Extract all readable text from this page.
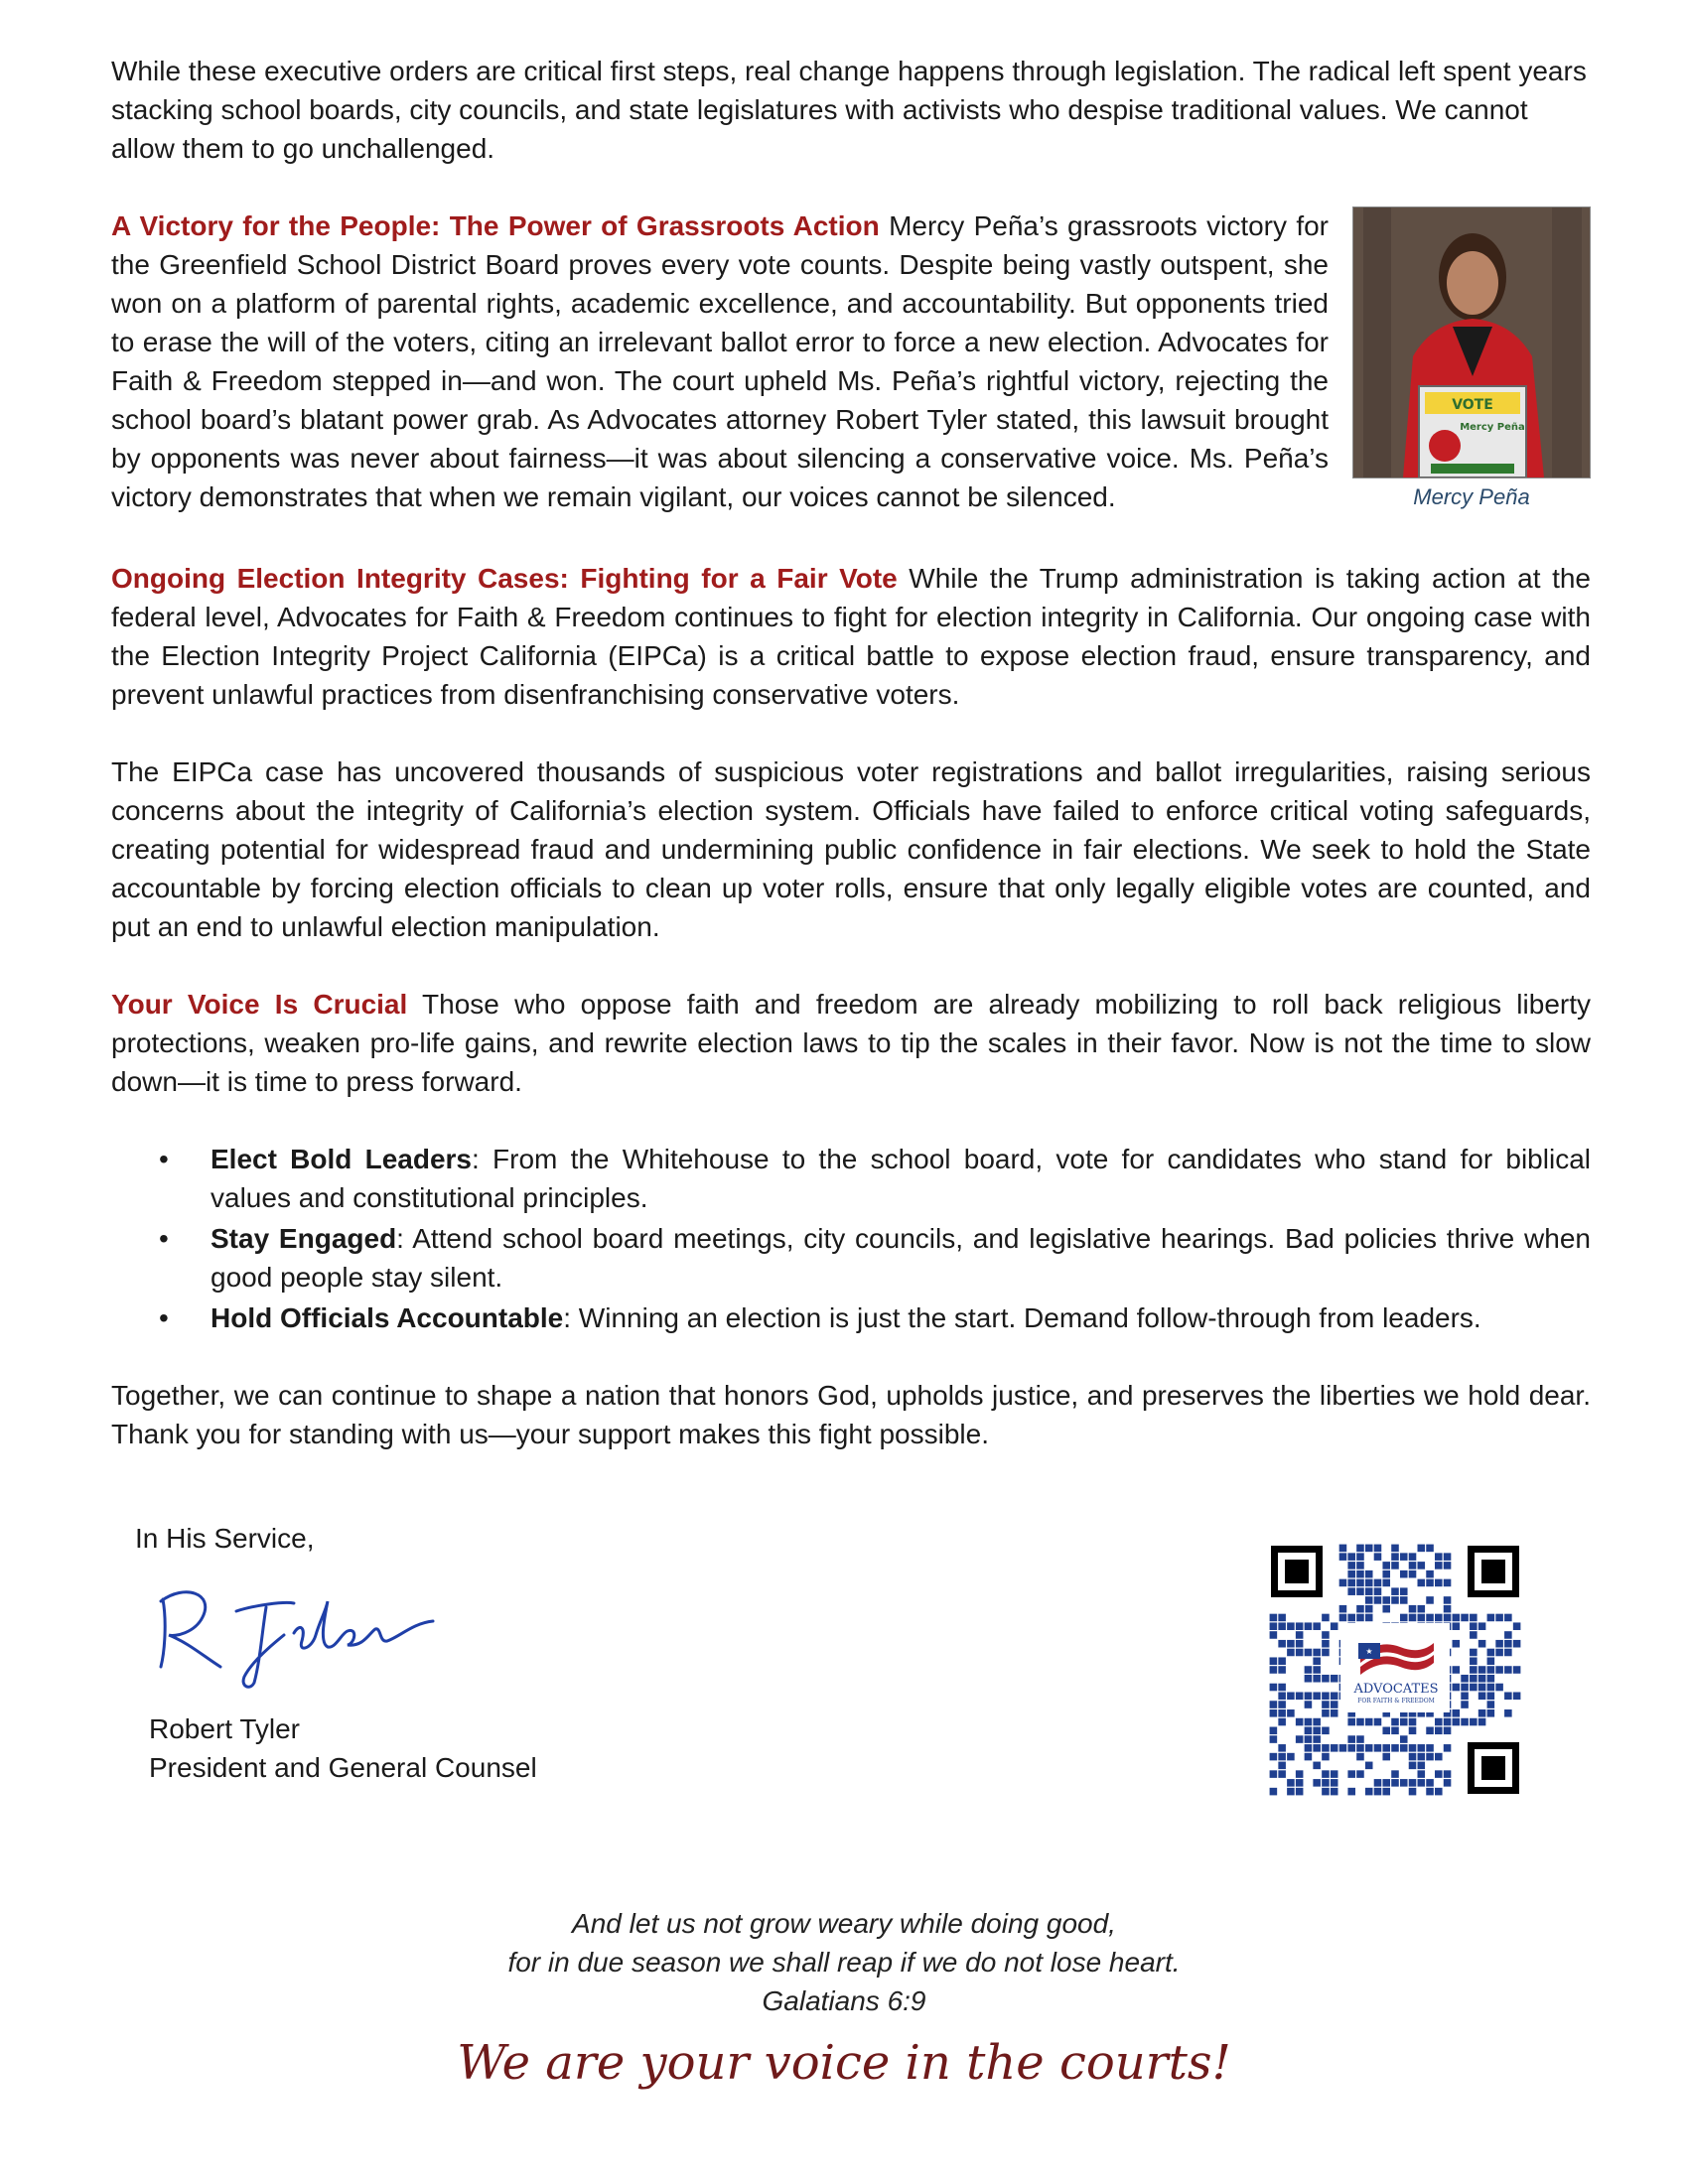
While these executive orders are critical first steps, real change happens through legislation. The radical left spent years stacking school boards, city councils, and state legislatures with activists who despise traditional values. We cannot allow them to go unchallenged.

VOTE
Mercy Peña
Mercy Peña

A Victory for the People: The Power of Grassroots Action Mercy Peña’s grassroots victory for the Greenfield School District Board proves every vote counts. Despite being vastly outspent, she won on a platform of parental rights, academic excellence, and accountability. But opponents tried to erase the will of the voters, citing an irrelevant ballot error to force a new election. Advocates for Faith & Freedom stepped in—and won. The court upheld Ms. Peña’s rightful victory, rejecting the school board’s blatant power grab. As Advocates attorney Robert Tyler stated, this lawsuit brought by opponents was never about fairness—it was about silencing a conservative voice. Ms. Peña’s victory demonstrates that when we remain vigilant, our voices cannot be silenced.

Ongoing Election Integrity Cases: Fighting for a Fair Vote While the Trump administration is taking action at the federal level, Advocates for Faith & Freedom continues to fight for election integrity in California. Our ongoing case with the Election Integrity Project California (EIPCa) is a critical battle to expose election fraud, ensure transparency, and prevent unlawful practices from disenfranchising conservative voters.

The EIPCa case has uncovered thousands of suspicious voter registrations and ballot irregularities, raising serious concerns about the integrity of California’s election system. Officials have failed to enforce critical voting safeguards, creating potential for widespread fraud and undermining public confidence in fair elections. We seek to hold the State accountable by forcing election officials to clean up voter rolls, ensure that only legally eligible votes are counted, and put an end to unlawful election manipulation.

Your Voice Is Crucial Those who oppose faith and freedom are already mobilizing to roll back religious liberty protections, weaken pro-life gains, and rewrite election laws to tip the scales in their favor. Now is not the time to slow down—it is time to press forward.

• Elect Bold Leaders: From the Whitehouse to the school board, vote for candidates who stand for biblical values and constitutional principles.
• Stay Engaged: Attend school board meetings, city councils, and legislative hearings. Bad policies thrive when good people stay silent.
• Hold Officials Accountable: Winning an election is just the start. Demand follow-through from leaders.

Together, we can continue to shape a nation that honors God, upholds justice, and preserves the liberties we hold dear. Thank you for standing with us—your support makes this fight possible.

In His Service,

Robert Tyler

President and General Counsel

★
ADVOCATES
FOR FAITH & FREEDOM
And let us not grow weary while doing good,
for in due season we shall reap if we do not lose heart.
Galatians 6:9
We are your voice in the courts!
